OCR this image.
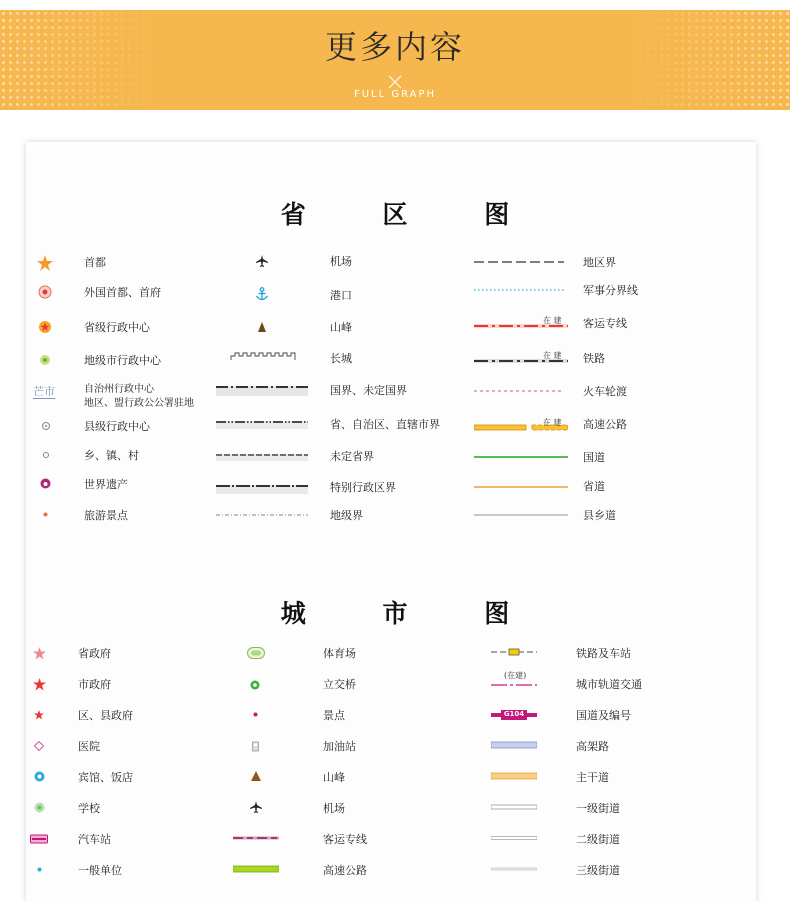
更多内容
FULL GRAPH
省 区 图
芒市
首都
外国首都、首府
省级行政中心
地级市行政中心
自治州行政中心
地区、盟行政公公署驻地
县级行政中心
乡、镇、村
世界遗产
旅游景点
机场
港口
山峰
长城
国界、未定国界
省、自治区、直辖市界
未定省界
特别行政区界
地级界
在 建
在 建
在 建
地区界
军事分界线
客运专线
铁路
火车轮渡
高速公路
国道
省道
县乡道
城 市 图
省政府
市政府
区、县政府
医院
宾馆、饭店
学校
汽车站
一般单位
体育场
立交桥
景点
加油站
山峰
机场
客运专线
高速公路
(在建)
G104
铁路及车站
城市轨道交通
国道及编号
高架路
主干道
一级街道
二级街道
三级街道
